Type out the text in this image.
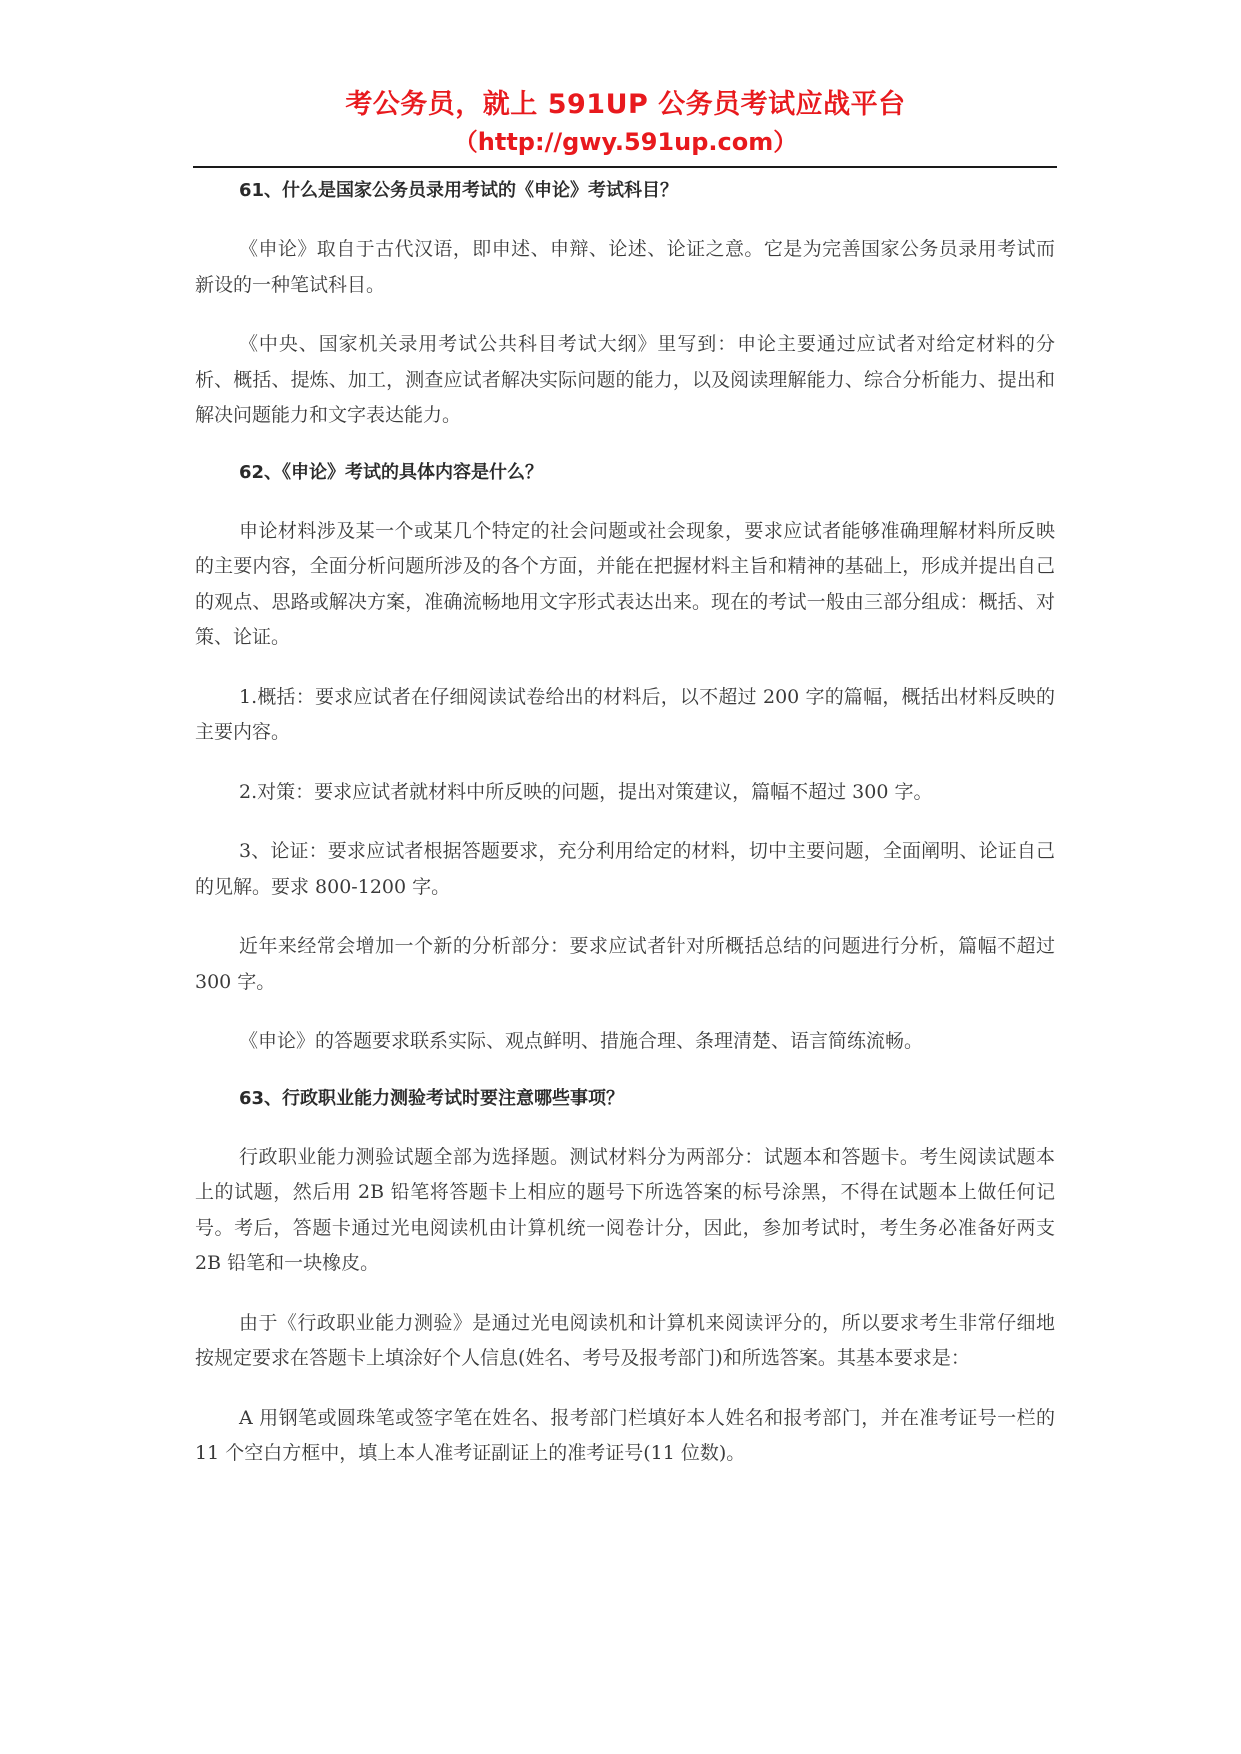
考公务员，就上 591UP 公务员考试应战平台
（http://gwy.591up.com）
61、什么是国家公务员录用考试的《申论》考试科目？

《申论》取自于古代汉语，即申述、申辩、论述、论证之意。它是为完善国家公务员录用考试而新设的一种笔试科目。

《中央、国家机关录用考试公共科目考试大纲》里写到：申论主要通过应试者对给定材料的分析、概括、提炼、加工，测查应试者解决实际问题的能力，以及阅读理解能力、综合分析能力、提出和解决问题能力和文字表达能力。

62、《申论》考试的具体内容是什么？

申论材料涉及某一个或某几个特定的社会问题或社会现象，要求应试者能够准确理解材料所反映的主要内容，全面分析问题所涉及的各个方面，并能在把握材料主旨和精神的基础上，形成并提出自己的观点、思路或解决方案，准确流畅地用文字形式表达出来。现在的考试一般由三部分组成：概括、对策、论证。

1.概括：要求应试者在仔细阅读试卷给出的材料后，以不超过 200 字的篇幅，概括出材料反映的主要内容。

2.对策：要求应试者就材料中所反映的问题，提出对策建议，篇幅不超过 300 字。

3、论证：要求应试者根据答题要求，充分利用给定的材料，切中主要问题，全面阐明、论证自己的见解。要求 800-1200 字。

近年来经常会增加一个新的分析部分：要求应试者针对所概括总结的问题进行分析，篇幅不超过 300 字。

《申论》的答题要求联系实际、观点鲜明、措施合理、条理清楚、语言简练流畅。

63、行政职业能力测验考试时要注意哪些事项？

行政职业能力测验试题全部为选择题。测试材料分为两部分：试题本和答题卡。考生阅读试题本上的试题，然后用 2B 铅笔将答题卡上相应的题号下所选答案的标号涂黑，不得在试题本上做任何记号。考后，答题卡通过光电阅读机由计算机统一阅卷计分，因此，参加考试时，考生务必准备好两支 2B 铅笔和一块橡皮。

由于《行政职业能力测验》是通过光电阅读机和计算机来阅读评分的，所以要求考生非常仔细地按规定要求在答题卡上填涂好个人信息(姓名、考号及报考部门)和所选答案。其基本要求是：

A 用钢笔或圆珠笔或签字笔在姓名、报考部门栏填好本人姓名和报考部门，并在准考证号一栏的 11 个空白方框中，填上本人准考证副证上的准考证号(11 位数)。
